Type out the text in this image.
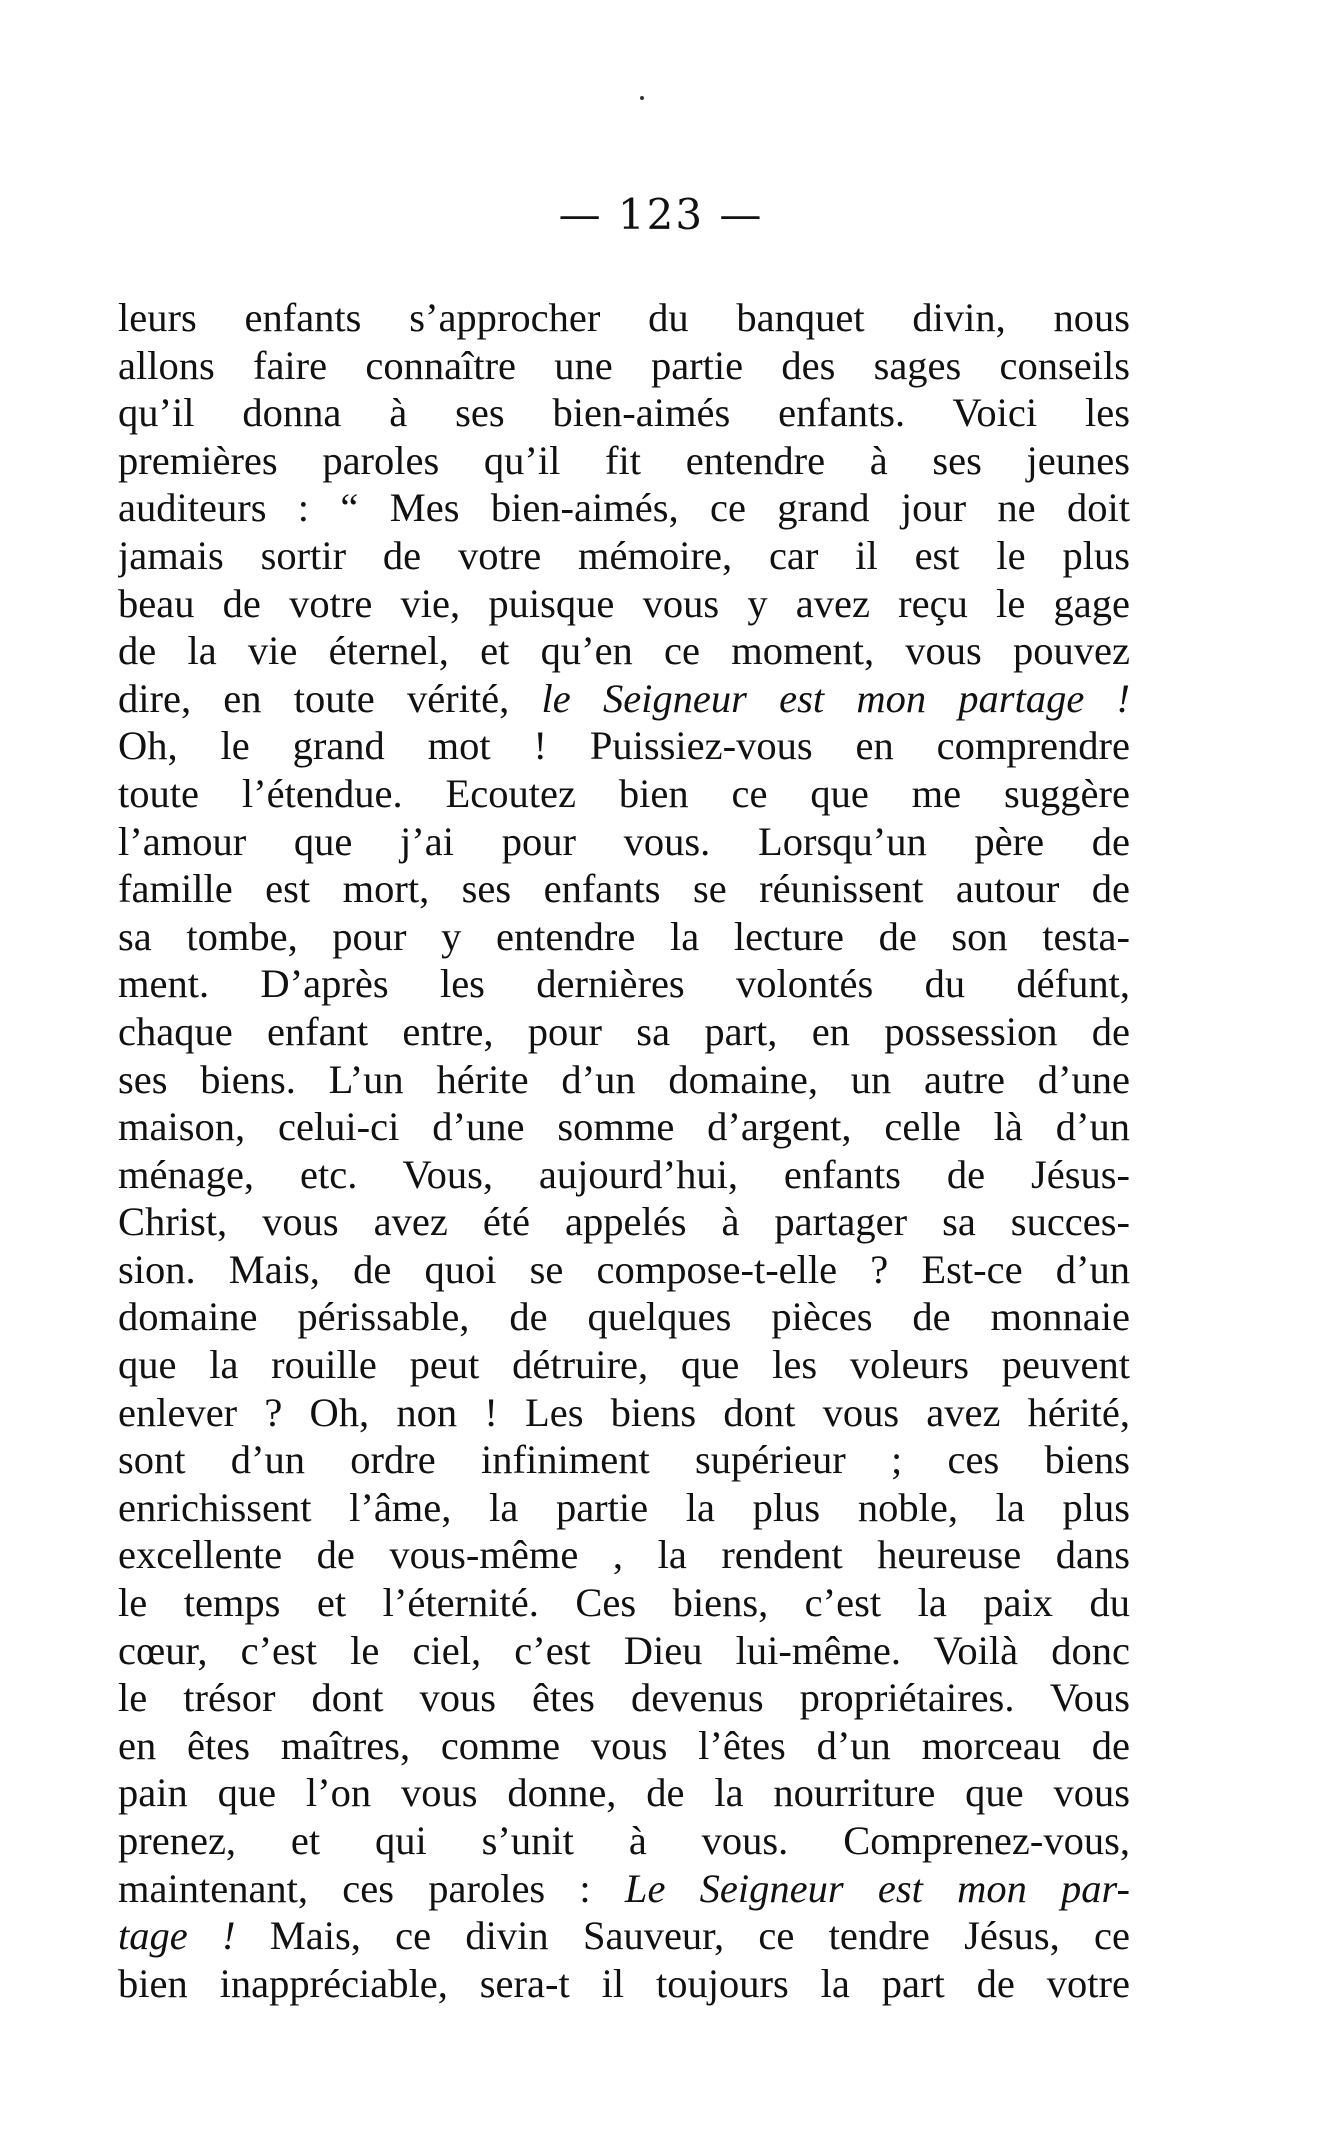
— 123 —
leurs enfants s’approcher du banquet divin, nous
allons faire connaître une partie des sages conseils
qu’il donna à ses bien-aimés enfants. Voici les
premières paroles qu’il fit entendre à ses jeunes
auditeurs : “ Mes bien-aimés, ce grand jour ne doit
jamais sortir de votre mémoire, car il est le plus
beau de votre vie, puisque vous y avez reçu le gage
de la vie éternel, et qu’en ce moment, vous pouvez
dire, en toute vérité, le Seigneur est mon partage !
Oh, le grand mot ! Puissiez-vous en comprendre
toute l’étendue. Ecoutez bien ce que me suggère
l’amour que j’ai pour vous. Lorsqu’un père de
famille est mort, ses enfants se réunissent autour de
sa tombe, pour y entendre la lecture de son testa-
ment. D’après les dernières volontés du défunt,
chaque enfant entre, pour sa part, en possession de
ses biens. L’un hérite d’un domaine, un autre d’une
maison, celui-ci d’une somme d’argent, celle là d’un
ménage, etc. Vous, aujourd’hui, enfants de Jésus-
Christ, vous avez été appelés à partager sa succes-
sion. Mais, de quoi se compose-t-elle ? Est-ce d’un
domaine périssable, de quelques pièces de monnaie
que la rouille peut détruire, que les voleurs peuvent
enlever ? Oh, non ! Les biens dont vous avez hérité,
sont d’un ordre infiniment supérieur ; ces biens
enrichissent l’âme, la partie la plus noble, la plus
excellente de vous-même , la rendent heureuse dans
le temps et l’éternité. Ces biens, c’est la paix du
cœur, c’est le ciel, c’est Dieu lui-même. Voilà donc
le trésor dont vous êtes devenus propriétaires. Vous
en êtes maîtres, comme vous l’êtes d’un morceau de
pain que l’on vous donne, de la nourriture que vous
prenez, et qui s’unit à vous. Comprenez-vous,
maintenant, ces paroles : Le Seigneur est mon par-
tage ! Mais, ce divin Sauveur, ce tendre Jésus, ce
bien inappréciable, sera-t il toujours la part de votre
